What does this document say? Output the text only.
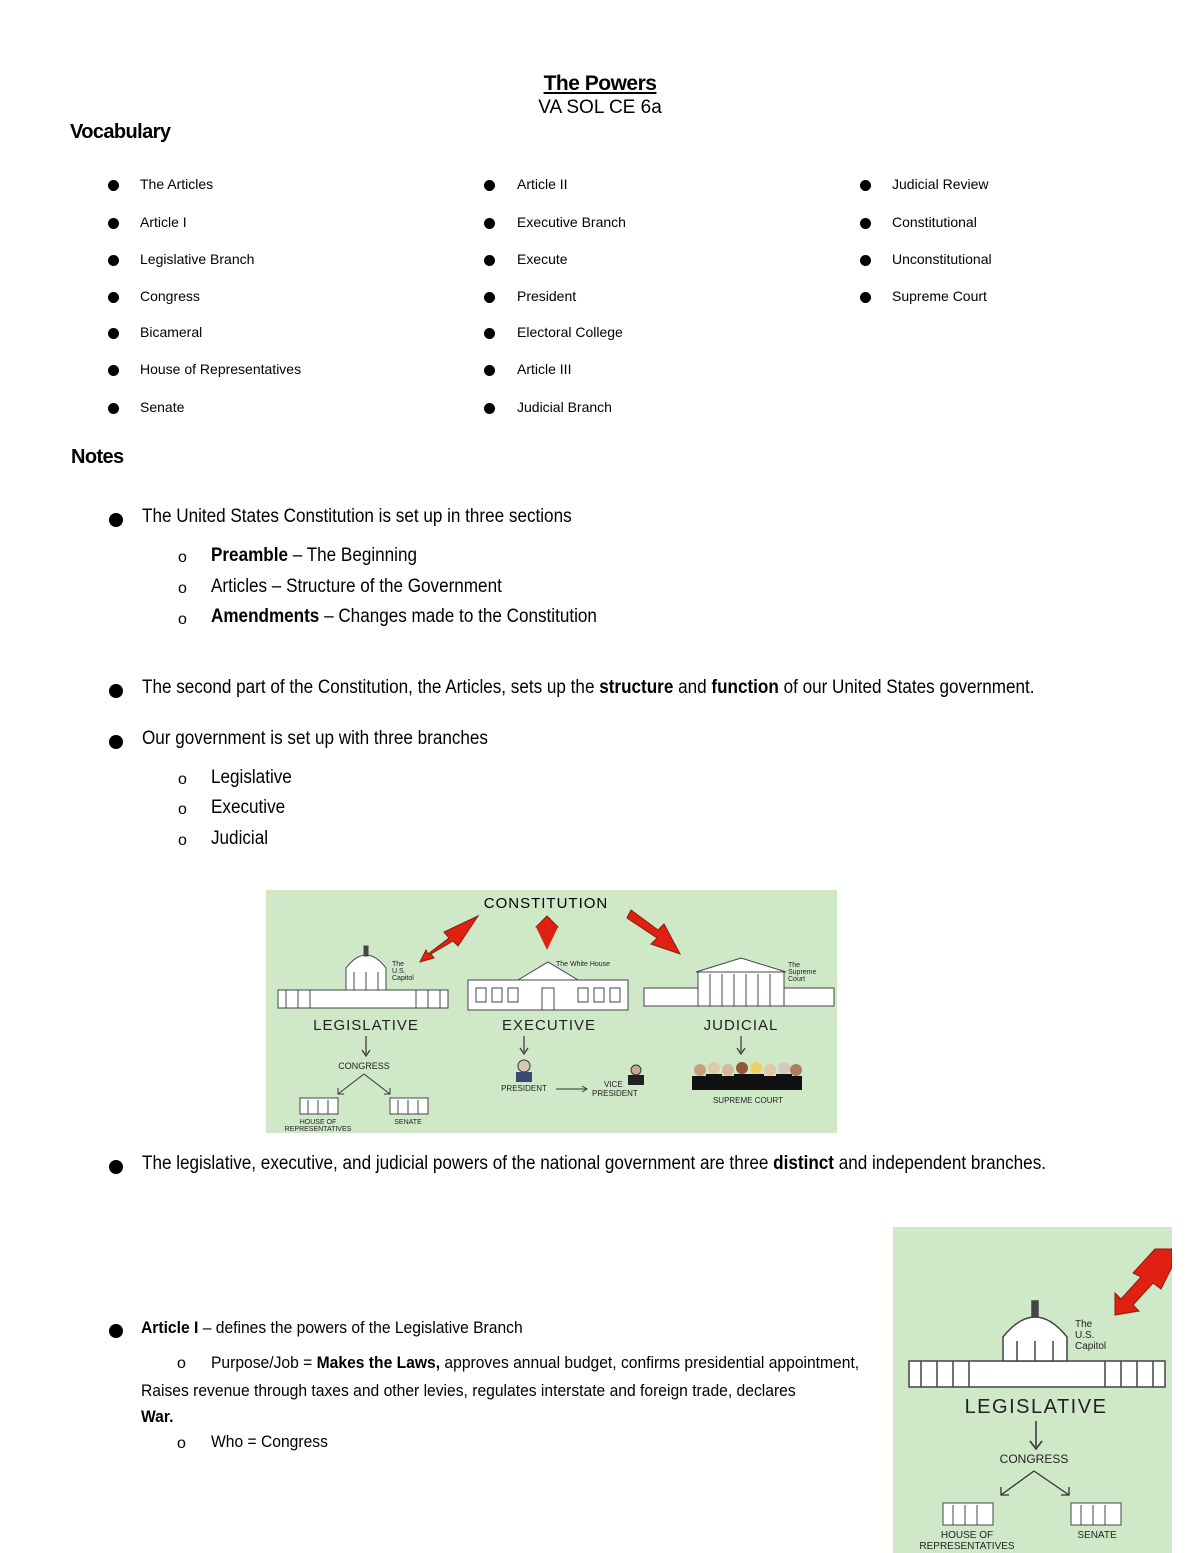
The Powers
VA SOL CE 6a
Vocabulary
The Articles
Article I
Legislative Branch
Congress
Bicameral
House of Representatives
Senate
Article II
Executive Branch
Execute
President
Electoral College
Article III
Judicial Branch
Judicial Review
Constitutional
Unconstitutional
Supreme Court
Notes
The United States Constitution is set up in three sections
o Preamble – The Beginning
o Articles – Structure of the Government
o Amendments – Changes made to the Constitution
The second part of the Constitution, the Articles, sets up the structure and function of our United States government.
Our government is set up with three branches
o Legislative
o Executive
o Judicial
CONSTITUTION
The
U.S.
Capitol
The White House	The
Supreme
Court
LEGISLATIVE	EXECUTIVE	JUDICIAL
CONGRESS
HOUSE OF
REPRESENTATIVES
SENATE
PRESIDENT	VICE
PRESIDENT
SUPREME COURT
The legislative, executive, and judicial powers of the national government are three distinct and independent branches.
Article I – defines the powers of the Legislative Branch
o Purpose/Job = Makes the Laws, approves annual budget, confirms presidential appointment,
Raises revenue through taxes and other levies, regulates interstate and foreign trade, declares
War.
o Who = Congress
The
U.S.
Capitol
LEGISLATIVE
CONGRESS
HOUSE OF
REPRESENTATIVES
SENATE
